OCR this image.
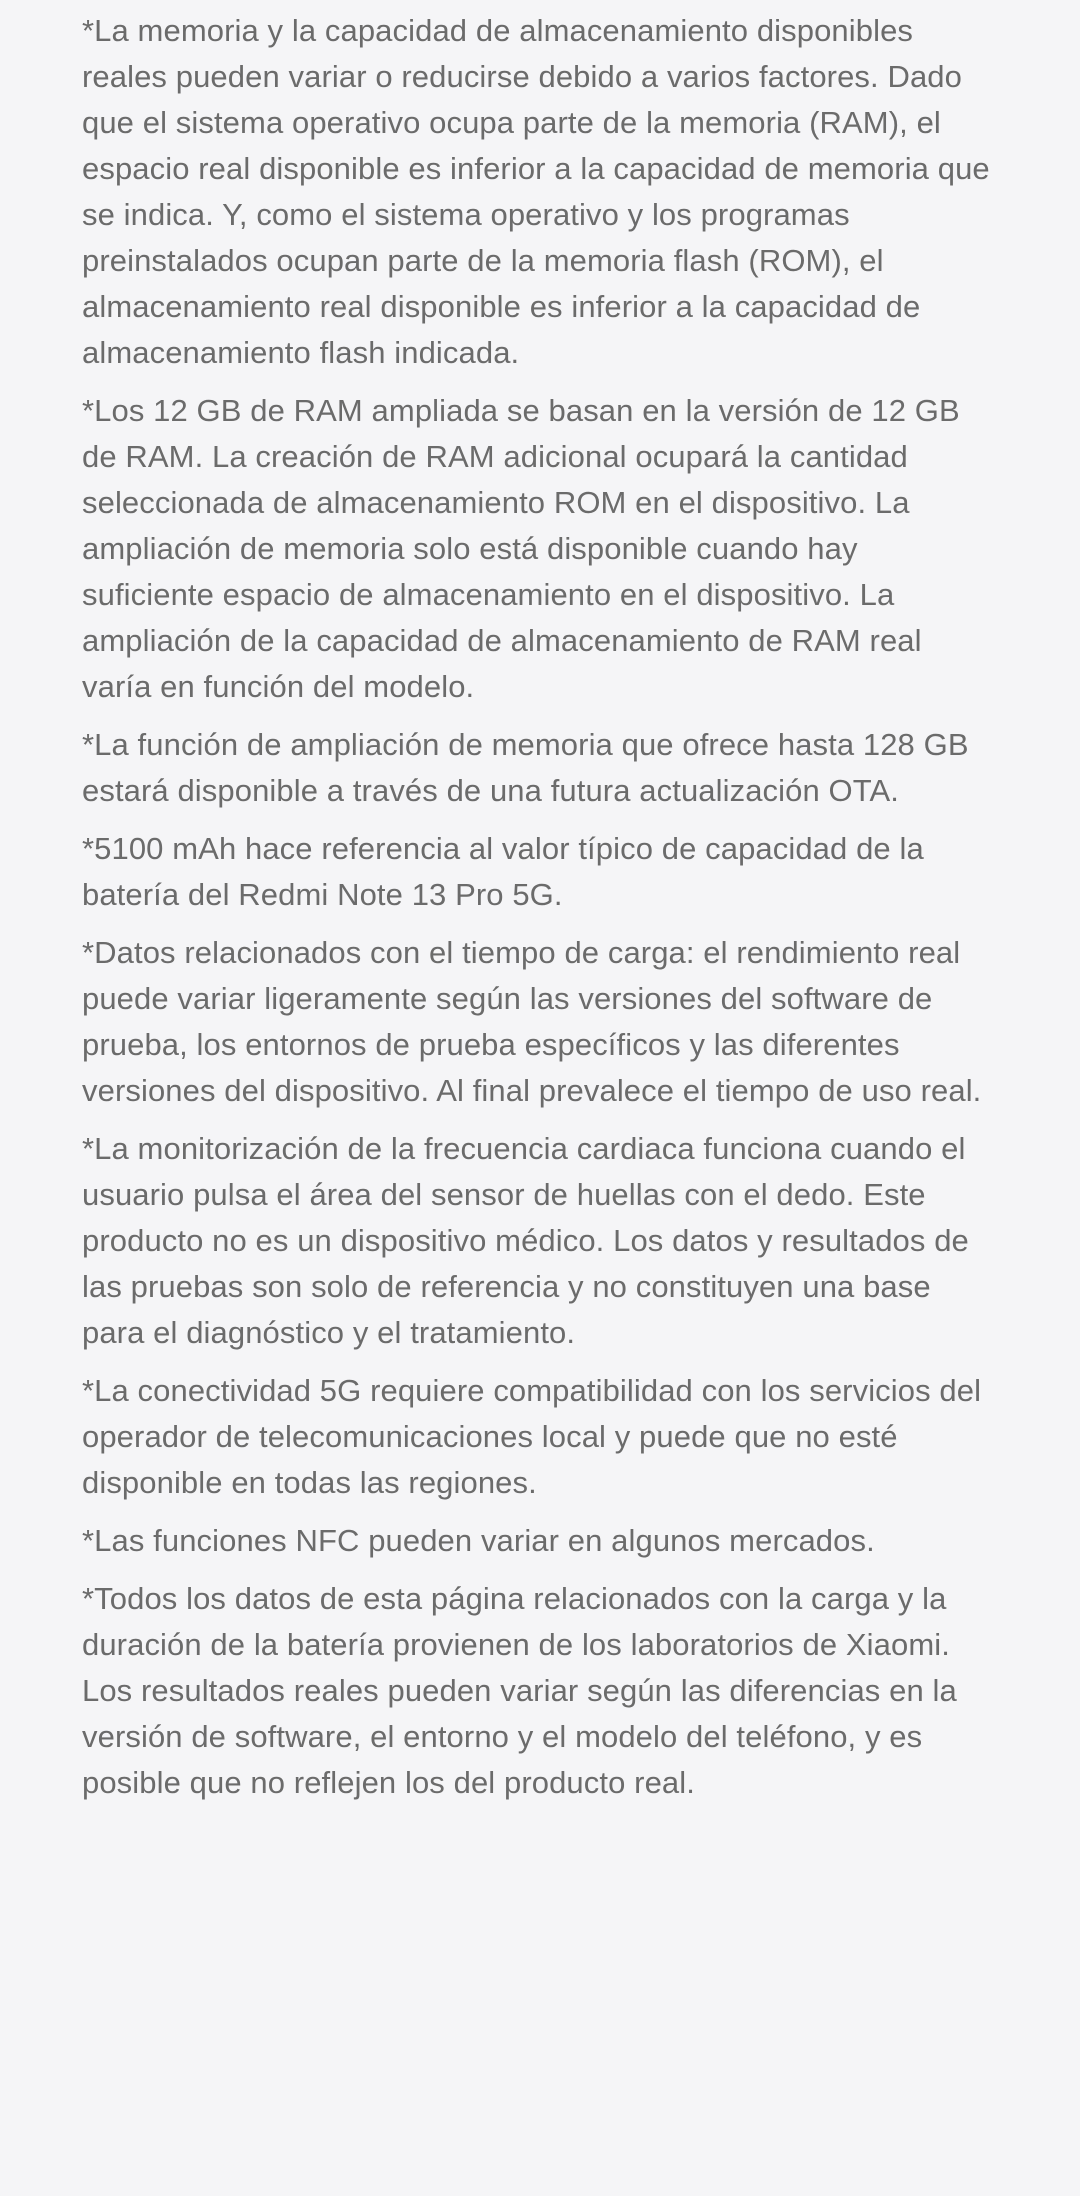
*La memoria y la capacidad de almacenamiento disponibles reales pueden variar o reducirse debido a varios factores. Dado que el sistema operativo ocupa parte de la memoria (RAM), el espacio real disponible es inferior a la capacidad de memoria que se indica. Y, como el sistema operativo y los programas preinstalados ocupan parte de la memoria flash (ROM), el almacenamiento real disponible es inferior a la capacidad de almacenamiento flash indicada.

*Los 12 GB de RAM ampliada se basan en la versión de 12 GB de RAM. La creación de RAM adicional ocupará la cantidad seleccionada de almacenamiento ROM en el dispositivo. La ampliación de memoria solo está disponible cuando hay suficiente espacio de almacenamiento en el dispositivo. La ampliación de la capacidad de almacenamiento de RAM real varía en función del modelo.

*La función de ampliación de memoria que ofrece hasta 128 GB estará disponible a través de una futura actualización OTA.

*5100 mAh hace referencia al valor típico de capacidad de la batería del Redmi Note 13 Pro 5G.

*Datos relacionados con el tiempo de carga: el rendimiento real puede variar ligeramente según las versiones del software de prueba, los entornos de prueba específicos y las diferentes versiones del dispositivo. Al final prevalece el tiempo de uso real.

*La monitorización de la frecuencia cardiaca funciona cuando el usuario pulsa el área del sensor de huellas con el dedo. Este producto no es un dispositivo médico. Los datos y resultados de las pruebas son solo de referencia y no constituyen una base para el diagnóstico y el tratamiento.

*La conectividad 5G requiere compatibilidad con los servicios del operador de telecomunicaciones local y puede que no esté disponible en todas las regiones.

*Las funciones NFC pueden variar en algunos mercados.

*Todos los datos de esta página relacionados con la carga y la duración de la batería provienen de los laboratorios de Xiaomi. Los resultados reales pueden variar según las diferencias en la versión de software, el entorno y el modelo del teléfono, y es posible que no reflejen los del producto real.
